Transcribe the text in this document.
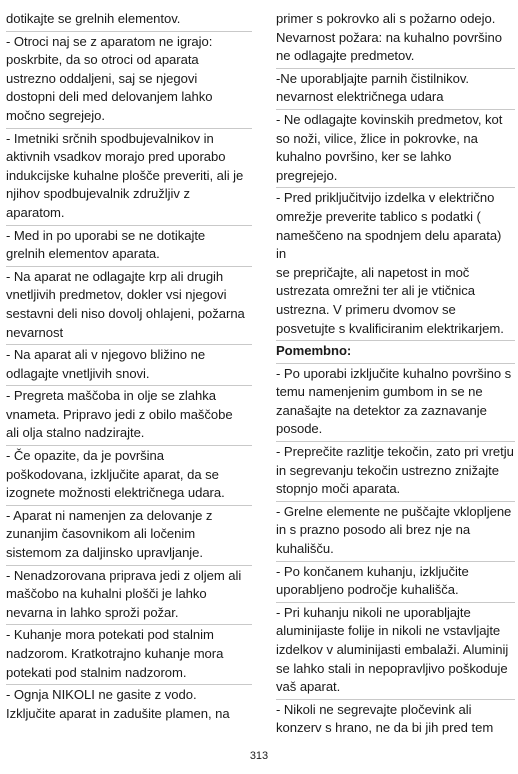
dotikajte se grelnih elementov.

- Otroci naj se z aparatom ne igrajo:
poskrbite, da so otroci od aparata
ustrezno oddaljeni, saj se njegovi
dostopni deli med delovanjem lahko
močno segrejejo.

- Imetniki srčnih spodbujevalnikov in
aktivnih vsadkov morajo pred uporabo
indukcijske kuhalne plošče preveriti, ali je
njihov spodbujevalnik združljiv z
aparatom.

- Med in po uporabi se ne dotikajte
grelnih elementov aparata.

- Na aparat ne odlagajte krp ali drugih
vnetljivih predmetov, dokler vsi njegovi
sestavni deli niso dovolj ohlajeni, požarna
nevarnost

- Na aparat ali v njegovo bližino ne
odlagajte vnetljivih snovi.

- Pregreta maščoba in olje se zlahka
vnameta. Pripravo jedi z obilo maščobe
ali olja stalno nadzirajte.

- Če opazite, da je površina
poškodovana, izključite aparat, da se
izognete možnosti električnega udara.

- Aparat ni namenjen za delovanje z
zunanjim časovnikom ali ločenim
sistemom za daljinsko upravljanje.

- Nenadzorovana priprava jedi z oljem ali
maščobo na kuhalni plošči je lahko
nevarna in lahko sproži požar.

- Kuhanje mora potekati pod stalnim
nadzorom. Kratkotrajno kuhanje mora
potekati pod stalnim nadzorom.

- Ognja NIKOLI ne gasite z vodo.
Izključite aparat in zadušite plamen, na

primer s pokrovko ali s požarno odejo.
Nevarnost požara: na kuhalno površino
ne odlagajte predmetov.

-Ne uporabljajte parnih čistilnikov.
nevarnost električnega udara

- Ne odlagajte kovinskih predmetov, kot
so noži, vilice, žlice in pokrovke, na
kuhalno površino, ker se lahko
pregrejejo.

- Pred priključitvijo izdelka v električno
omrežje preverite tablico s podatki (
nameščeno na spodnjem delu aparata) in
se prepričajte, ali napetost in moč
ustrezata omrežni ter ali je vtičnica
ustrezna. V primeru dvomov se
posvetujte s kvalificiranim elektrikarjem.

Pomembno:

- Po uporabi izključite kuhalno površino s
temu namenjenim gumbom in se ne
zanašajte na detektor za zaznavanje
posode.

- Preprečite razlitje tekočin, zato pri vretju
in segrevanju tekočin ustrezno znižajte
stopnjo moči aparata.

- Grelne elemente ne puščajte vklopljene
in s prazno posodo ali brez nje na
kuhališču.

- Po končanem kuhanju, izključite
uporabljeno področje kuhališča.

- Pri kuhanju nikoli ne uporabljajte
aluminijaste folije in nikoli ne vstavljajte
izdelkov v aluminijasti embalaži. Aluminij
se lahko stali in nepopravljivo poškoduje
vaš aparat.

- Nikoli ne segrevajte pločevink ali
konzerv s hrano, ne da bi jih pred tem

313
